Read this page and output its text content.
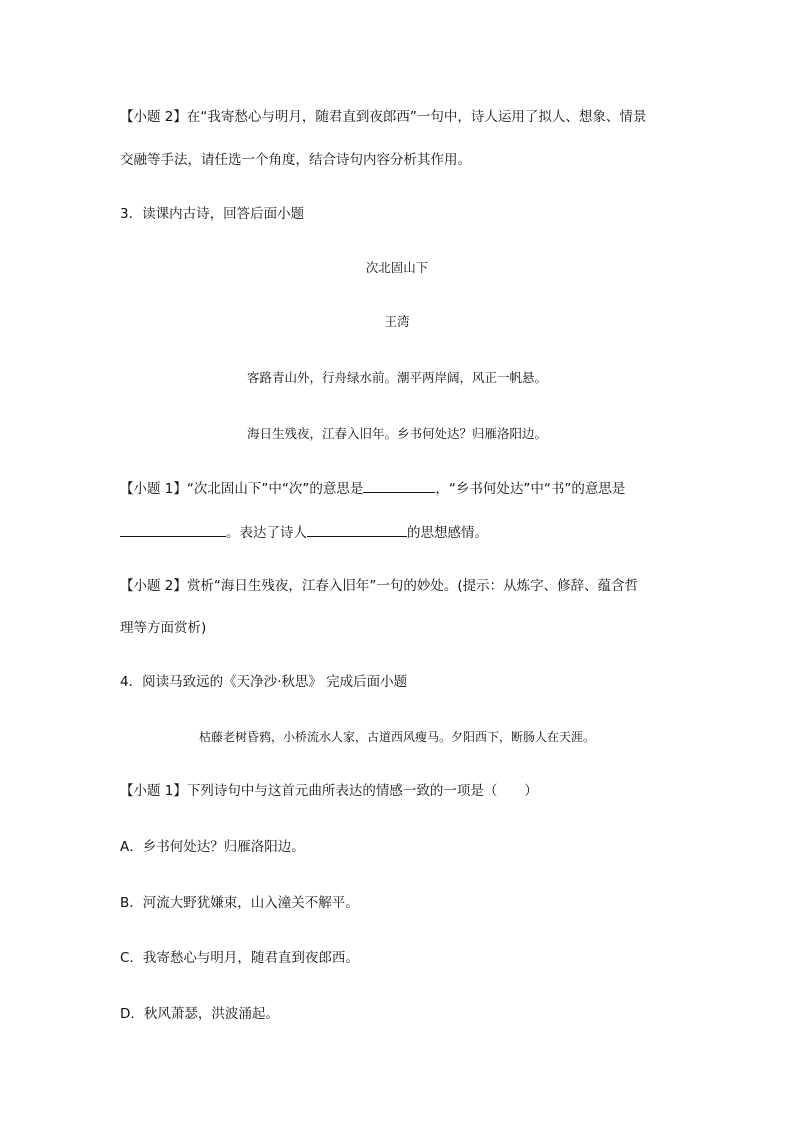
【小题 2】在“我寄愁心与明月，随君直到夜郎西”一句中，诗人运用了拟人、想象、情景
交融等手法，请任选一个角度，结合诗句内容分析其作用。
3．读课内古诗，回答后面小题
次北固山下
王湾
客路青山外，行舟绿水前。潮平两岸阔，风正一帆悬。
海日生残夜，江春入旧年。乡书何处达？归雁洛阳边。
【小题 1】“次北固山下”中“次”的意思是	，“乡书何处达”中“书”的意思是
。表达了诗人	的思想感情。
【小题 2】赏析“海日生残夜，江春入旧年”一句的妙处。(提示：从炼字、修辞、蕴含哲
理等方面赏析)
4．阅读马致远的《天净沙·秋思》 完成后面小题
枯藤老树昏鸦，小桥流水人家，古道西风瘦马。夕阳西下，断肠人在天涯。
【小题 1】下列诗句中与这首元曲所表达的情感一致的一项是（　　）
A．乡书何处达？归雁洛阳边。
B．河流大野犹嫌束，山入潼关不解平。
C．我寄愁心与明月，随君直到夜郎西。
D．秋风萧瑟，洪波涌起。
